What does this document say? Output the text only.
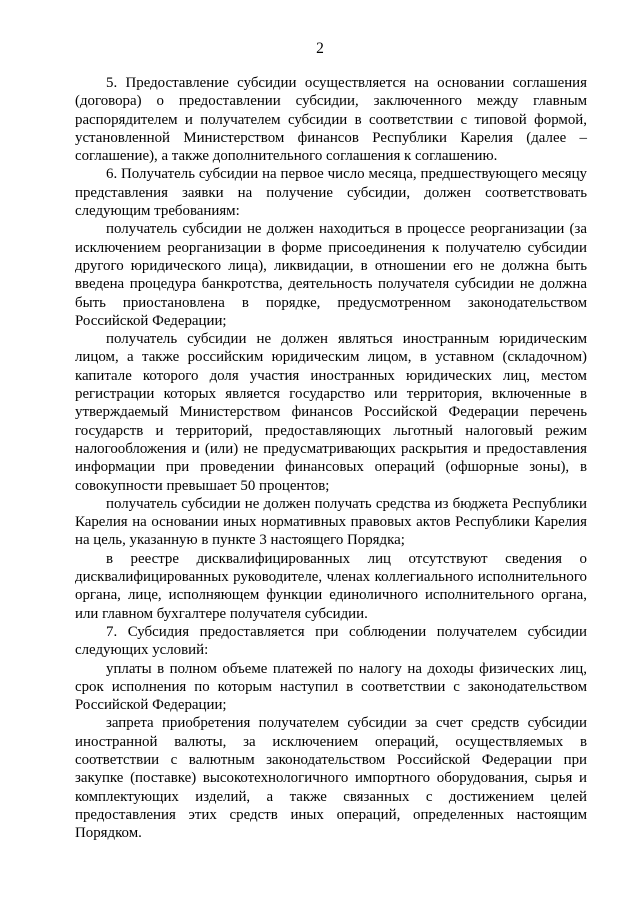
2

5. Предоставление субсидии осуществляется на основании соглашения (договора) о предоставлении субсидии, заключенного между главным распорядителем и получателем субсидии в соответствии с типовой формой, установленной Министерством финансов Республики Карелия (далее – соглашение), а также дополнительного соглашения к соглашению.

6. Получатель субсидии на первое число месяца, предшествующего месяцу представления заявки на получение субсидии, должен соответствовать следующим требованиям:

получатель субсидии не должен находиться в процессе реорганизации (за исключением реорганизации в форме присоединения к получателю субсидии другого юридического лица), ликвидации, в отношении его не должна быть введена процедура банкротства, деятельность получателя субсидии не должна быть приостановлена в порядке, предусмотренном законодательством Российской Федерации;

получатель субсидии не должен являться иностранным юридическим лицом, а также российским юридическим лицом, в уставном (складочном) капитале которого доля участия иностранных юридических лиц, местом регистрации которых является государство или территория, включенные в утверждаемый Министерством финансов Российской Федерации перечень государств и территорий, предоставляющих льготный налоговый режим налогообложения и (или) не предусматривающих раскрытия и предоставления информации при проведении финансовых операций (офшорные зоны), в совокупности превышает 50 процентов;

получатель субсидии не должен получать средства из бюджета Республики Карелия на основании иных нормативных правовых актов Республики Карелия на цель, указанную в пункте 3 настоящего Порядка;

в реестре дисквалифицированных лиц отсутствуют сведения о дисквалифицированных руководителе, членах коллегиального исполнительного органа, лице, исполняющем функции единоличного исполнительного органа, или главном бухгалтере получателя субсидии.

7. Субсидия предоставляется при соблюдении получателем субсидии следующих условий:

уплаты в полном объеме платежей по налогу на доходы физических лиц, срок исполнения по которым наступил в соответствии с законодательством Российской Федерации;

запрета приобретения получателем субсидии за счет средств субсидии иностранной валюты, за исключением операций, осуществляемых в соответствии с валютным законодательством Российской Федерации при закупке (поставке) высокотехнологичного импортного оборудования, сырья и комплектующих изделий, а также связанных с достижением целей предоставления этих средств иных операций, определенных настоящим Порядком.
